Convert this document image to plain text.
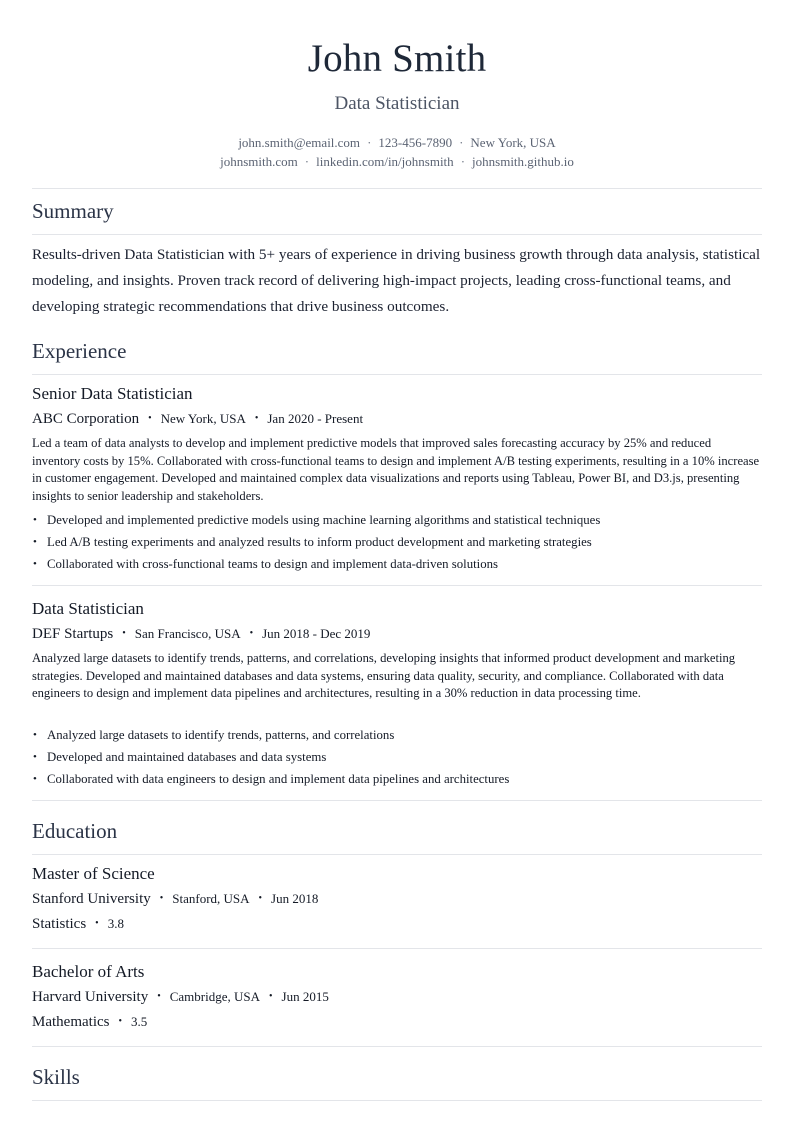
John Smith
Data Statistician
john.smith@email.com · 123-456-7890 · New York, USA
johnsmith.com · linkedin.com/in/johnsmith · johnsmith.github.io
Summary
Results-driven Data Statistician with 5+ years of experience in driving business growth through data analysis, statistical modeling, and insights. Proven track record of delivering high-impact projects, leading cross-functional teams, and developing strategic recommendations that drive business outcomes.
Experience
Senior Data Statistician
ABC Corporation • New York, USA • Jan 2020 - Present
Led a team of data analysts to develop and implement predictive models that improved sales forecasting accuracy by 25% and reduced inventory costs by 15%. Collaborated with cross-functional teams to design and implement A/B testing experiments, resulting in a 10% increase in customer engagement. Developed and maintained complex data visualizations and reports using Tableau, Power BI, and D3.js, presenting insights to senior leadership and stakeholders.
• Developed and implemented predictive models using machine learning algorithms and statistical techniques
• Led A/B testing experiments and analyzed results to inform product development and marketing strategies
• Collaborated with cross-functional teams to design and implement data-driven solutions
Data Statistician
DEF Startups • San Francisco, USA • Jun 2018 - Dec 2019
Analyzed large datasets to identify trends, patterns, and correlations, developing insights that informed product development and marketing strategies. Developed and maintained databases and data systems, ensuring data quality, security, and compliance. Collaborated with data engineers to design and implement data pipelines and architectures, resulting in a 30% reduction in data processing time.
• Analyzed large datasets to identify trends, patterns, and correlations
• Developed and maintained databases and data systems
• Collaborated with data engineers to design and implement data pipelines and architectures
Education
Master of Science
Stanford University • Stanford, USA • Jun 2018
Statistics • 3.8
Bachelor of Arts
Harvard University • Cambridge, USA • Jun 2015
Mathematics • 3.5
Skills
